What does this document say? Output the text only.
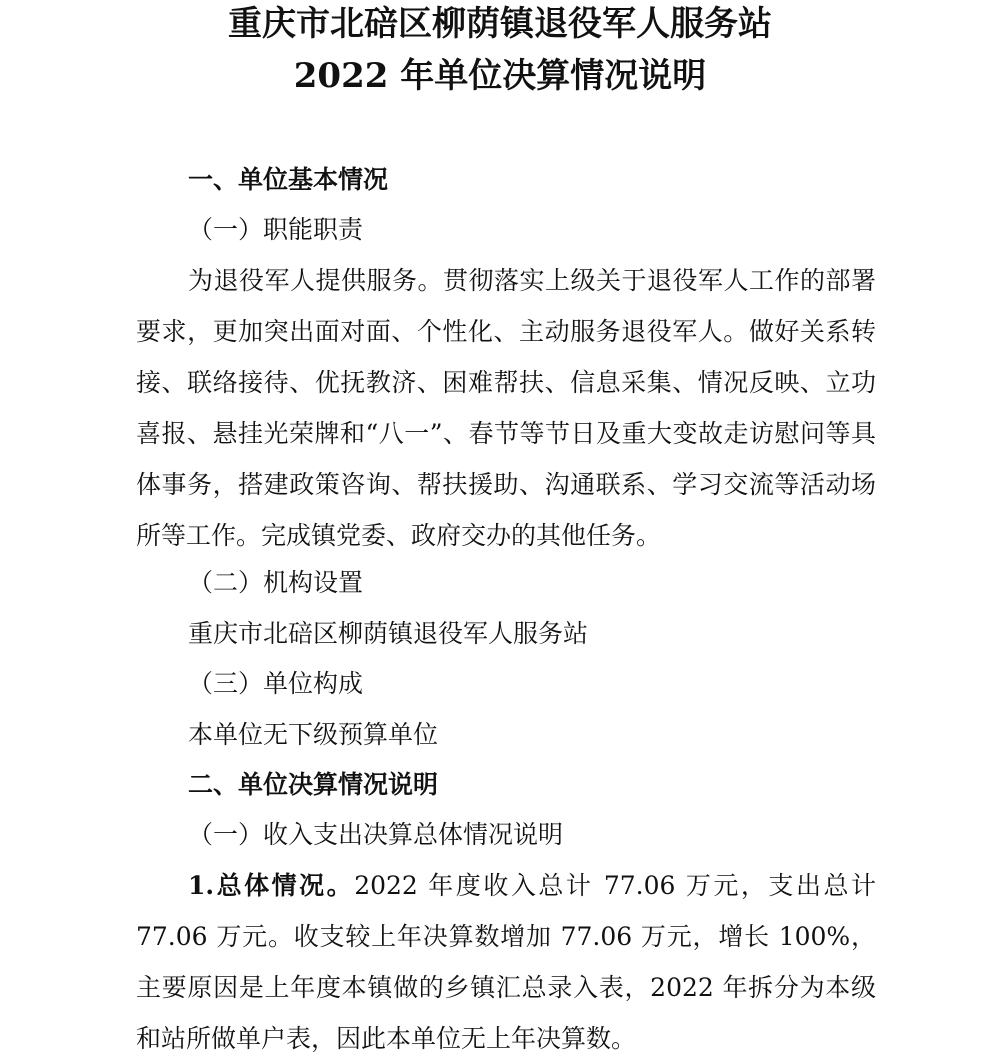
重庆市北碚区柳荫镇退役军人服务站
2022 年单位决算情况说明

一、单位基本情况

（一）职能职责

为退役军人提供服务。贯彻落实上级关于退役军人工作的部署要求，更加突出面对面、个性化、主动服务退役军人。做好关系转接、联络接待、优抚教济、困难帮扶、信息采集、情况反映、立功喜报、悬挂光荣牌和“八一”、春节等节日及重大变故走访慰问等具体事务，搭建政策咨询、帮扶援助、沟通联系、学习交流等活动场所等工作。完成镇党委、政府交办的其他任务。

（二）机构设置

重庆市北碚区柳荫镇退役军人服务站

（三）单位构成

本单位无下级预算单位

二、单位决算情况说明

（一）收入支出决算总体情况说明

1.总体情况。2022 年度收入总计 77.06 万元，支出总计 77.06 万元。收支较上年决算数增加 77.06 万元，增长 100%，主要原因是上年度本镇做的乡镇汇总录入表，2022 年拆分为本级和站所做单户表，因此本单位无上年决算数。
